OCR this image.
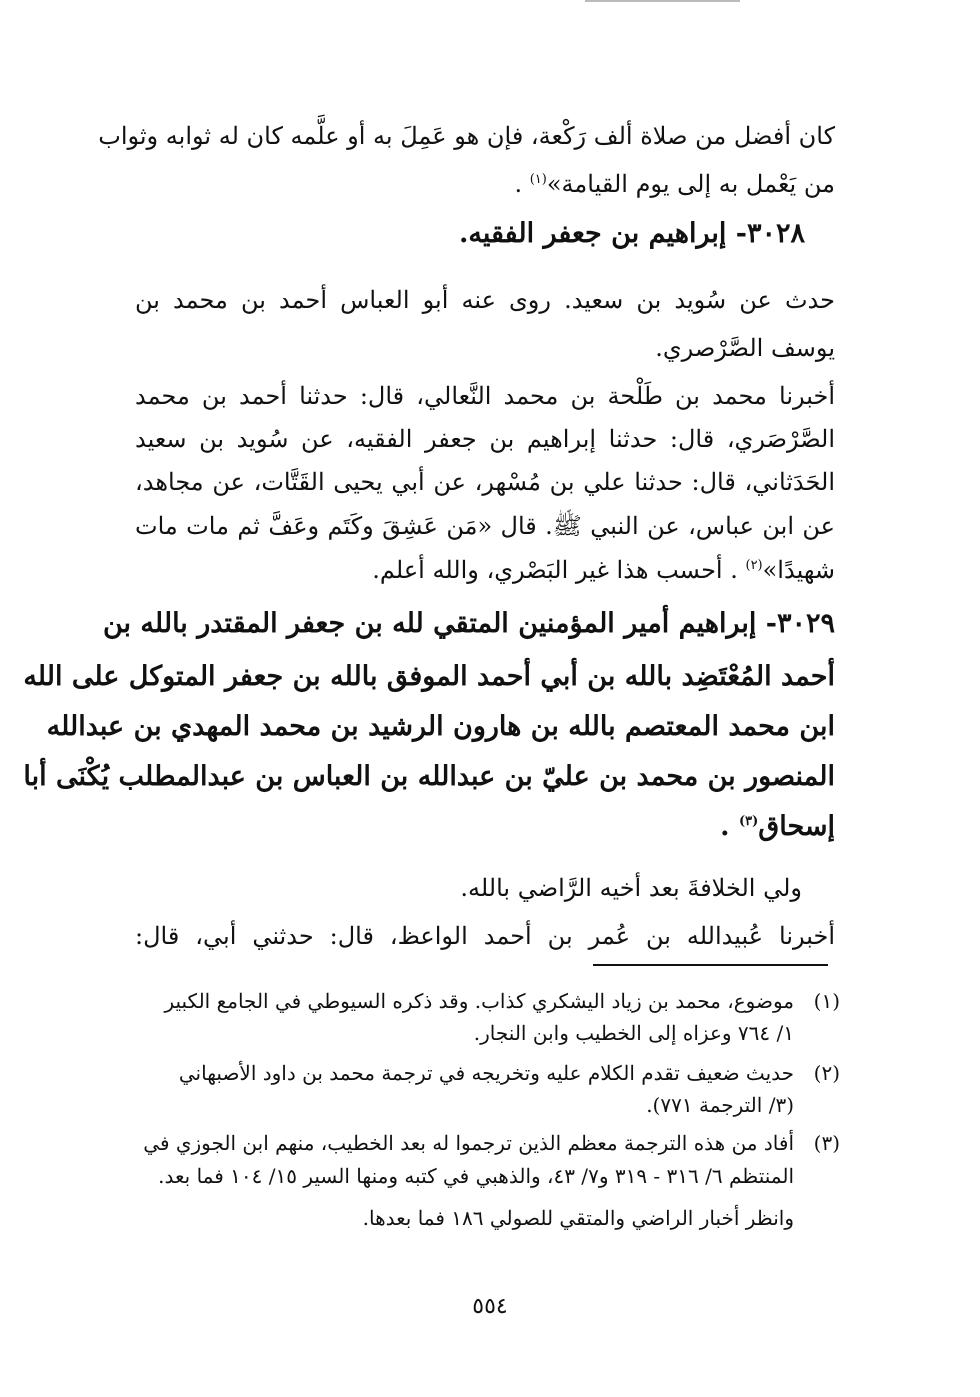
كان أفضل من صلاة ألف رَكْعة، فإن هو عَمِلَ به أو علَّمه كان له ثوابه وثواب
من يَعْمل به إلى يوم القيامة»$^{(١)}$ .
٣٠٢٨- إبراهيم بن جعفر الفقيه.
حدث عن سُويد بن سعيد. روى عنه أبو العباس أحمد بن محمد بن
يوسف الصَّرْصري.
أخبرنا محمد بن طَلْحة بن محمد النَّعالي، قال: حدثنا أحمد بن محمد
الصَّرْصَري، قال: حدثنا إبراهيم بن جعفر الفقيه، عن سُويد بن سعيد
الحَدَثاني، قال: حدثنا علي بن مُسْهر، عن أبي يحيى القَتَّات، عن مجاهد،
عن ابن عباس، عن النبي ﷺ. قال «مَن عَشِقَ وكَتَم وعَفَّ ثم مات مات
شهيدًا»$^{(٢)}$ . أحسب هذا غير البَصْري، والله أعلم.
٣٠٢٩- إبراهيم أمير المؤمنين المتقي لله بن جعفر المقتدر بالله بن
أحمد المُعْتَضِد بالله بن أبي أحمد الموفق بالله بن جعفر المتوكل على الله
ابن محمد المعتصم بالله بن هارون الرشيد بن محمد المهدي بن عبدالله
المنصور بن محمد بن عليّ بن عبدالله بن العباس بن عبدالمطلب يُكْنَى أبا
إسحاق$^{(٣)}$ .
ولي الخلافةَ بعد أخيه الرَّاضي بالله.
أخبرنا عُبيدالله بن عُمر بن أحمد الواعظ، قال: حدثني أبي، قال:
(١)موضوع، محمد بن زياد اليشكري كذاب. وقد ذكره السيوطي في الجامع الكبير
١/ ٧٦٤ وعزاه إلى الخطيب وابن النجار.
(٢)حديث ضعيف تقدم الكلام عليه وتخريجه في ترجمة محمد بن داود الأصبهاني
(٣/ الترجمة ٧٧١).
(٣)أفاد من هذه الترجمة معظم الذين ترجموا له بعد الخطيب، منهم ابن الجوزي في
المنتظم ٦/ ٣١٦ - ٣١٩ و٧/ ٤٣، والذهبي في كتبه ومنها السير ١٥/ ١٠٤ فما بعد.
وانظر أخبار الراضي والمتقي للصولي ١٨٦ فما بعدها.
٥٥٤
